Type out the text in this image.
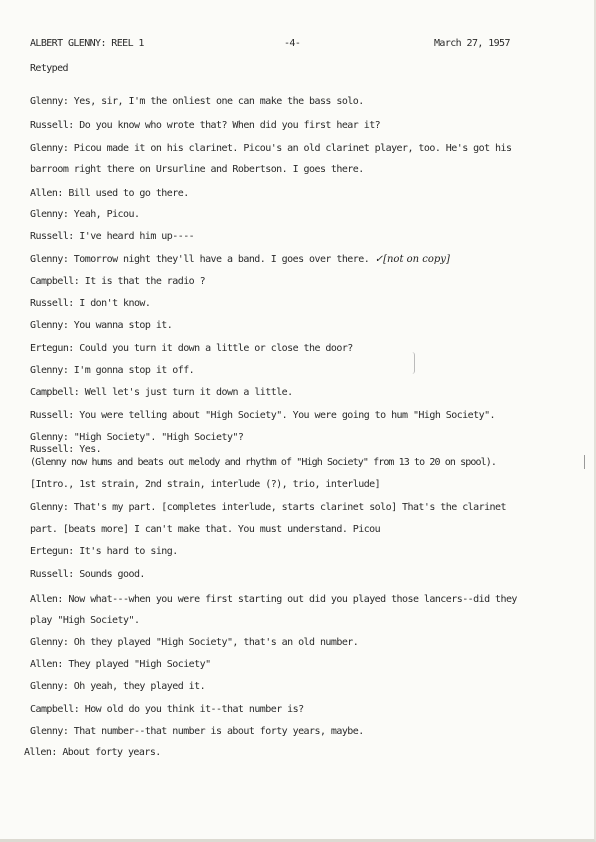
ALBERT GLENNY: REEL 1	-4-	March 27, 1957
Retyped
Glenny: Yes, sir, I'm the onliest one can make the bass solo.
Russell: Do you know who wrote that? When did you first hear it?
Glenny: Picou made it on his clarinet. Picou's an old clarinet player, too. He's got his
barroom right there on Ursurline and Robertson. I goes there.
Allen: Bill used to go there.
Glenny: Yeah, Picou.
Russell: I've heard him up----
Glenny: Tomorrow night they'll have a band. I goes over there. ✓[not on copy]
Campbell: It is that the radio ?
Russell: I don't know.
Glenny: You wanna stop it.
Ertegun: Could you turn it down a little or close the door?
Glenny: I'm gonna stop it off.
Campbell: Well let's just turn it down a little.
Russell: You were telling about "High Society". You were going to hum "High Society".
Glenny: "High Society". "High Society"?
Russell: Yes.
(Glenny now hums and beats out melody and rhythm of "High Society" from 13 to 20 on spool).
[Intro., 1st strain, 2nd strain, interlude (?), trio, interlude]
Glenny: That's my part. [completes interlude, starts clarinet solo] That's the clarinet
part. [beats more] I can't make that. You must understand. Picou
Ertegun: It's hard to sing.
Russell: Sounds good.
Allen: Now what---when you were first starting out did you played those lancers--did they
play "High Society".
Glenny: Oh they played "High Society", that's an old number.
Allen: They played "High Society"
Glenny: Oh yeah, they played it.
Campbell: How old do you think it--that number is?
Glenny: That number--that number is about forty years, maybe.
Allen: About forty years.
